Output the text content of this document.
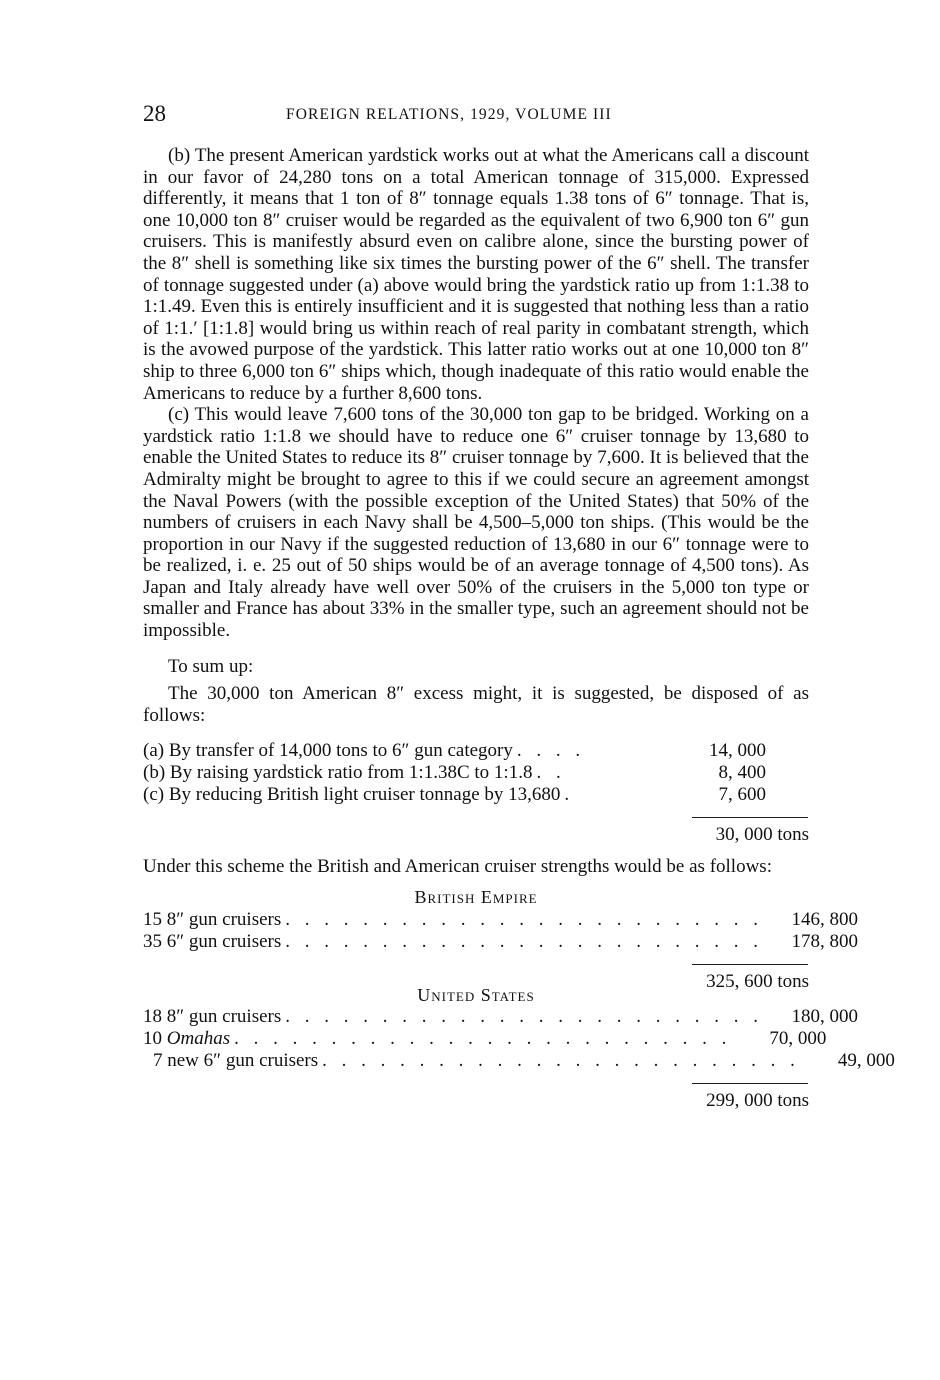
28	FOREIGN RELATIONS, 1929, VOLUME III

(b) The present American yardstick works out at what the Americans call a discount in our favor of 24,280 tons on a total American tonnage of 315,000. Expressed differently, it means that 1 ton of 8″ tonnage equals 1.38 tons of 6″ tonnage. That is, one 10,000 ton 8″ cruiser would be regarded as the equivalent of two 6,900 ton 6″ gun cruisers. This is manifestly absurd even on calibre alone, since the bursting power of the 8″ shell is something like six times the bursting power of the 6″ shell. The transfer of tonnage suggested under (a) above would bring the yardstick ratio up from 1:1.38 to 1:1.49. Even this is entirely insufficient and it is suggested that nothing less than a ratio of 1:1.′ [1:1.8] would bring us within reach of real parity in combatant strength, which is the avowed purpose of the yardstick. This latter ratio works out at one 10,000 ton 8″ ship to three 6,000 ton 6″ ships which, though inadequate of this ratio would enable the Americans to reduce by a further 8,600 tons.

(c) This would leave 7,600 tons of the 30,000 ton gap to be bridged. Working on a yardstick ratio 1:1.8 we should have to reduce one 6″ cruiser tonnage by 13,680 to enable the United States to reduce its 8″ cruiser tonnage by 7,600. It is believed that the Admiralty might be brought to agree to this if we could secure an agreement amongst the Naval Powers (with the possible exception of the United States) that 50% of the numbers of cruisers in each Navy shall be 4,500–5,000 ton ships. (This would be the proportion in our Navy if the suggested reduction of 13,680 in our 6″ tonnage were to be realized, i. e. 25 out of 50 ships would be of an average tonnage of 4,500 tons). As Japan and Italy already have well over 50% of the cruisers in the 5,000 ton type or smaller and France has about 33% in the smaller type, such an agreement should not be impossible.

To sum up:

The 30,000 ton American 8″ excess might, it is suggested, be disposed of as follows:

(a) By transfer of 14,000 tons to 6″ gun category . . . .	14, 000
(b) By raising yardstick ratio from 1:1.38C to 1:1.8 . .	8, 400
(c) By reducing British light cruiser tonnage by 13,680 .	7, 600
30, 000 tons

Under this scheme the British and American cruiser strengths would be as follows:

British Empire
15 8″ gun cruisers . . . . . . . . . . . . . . . . . . . . . . . . .	146, 800
35 6″ gun cruisers . . . . . . . . . . . . . . . . . . . . . . . . .	178, 800
325, 600 tons
United States
18 8″ gun cruisers . . . . . . . . . . . . . . . . . . . . . . . . .	180, 000
10 Omahas . . . . . . . . . . . . . . . . . . . . . . . . . .	70, 000
7 new 6″ gun cruisers . . . . . . . . . . . . . . . . . . . . . . . . .	49, 000
299, 000 tons
